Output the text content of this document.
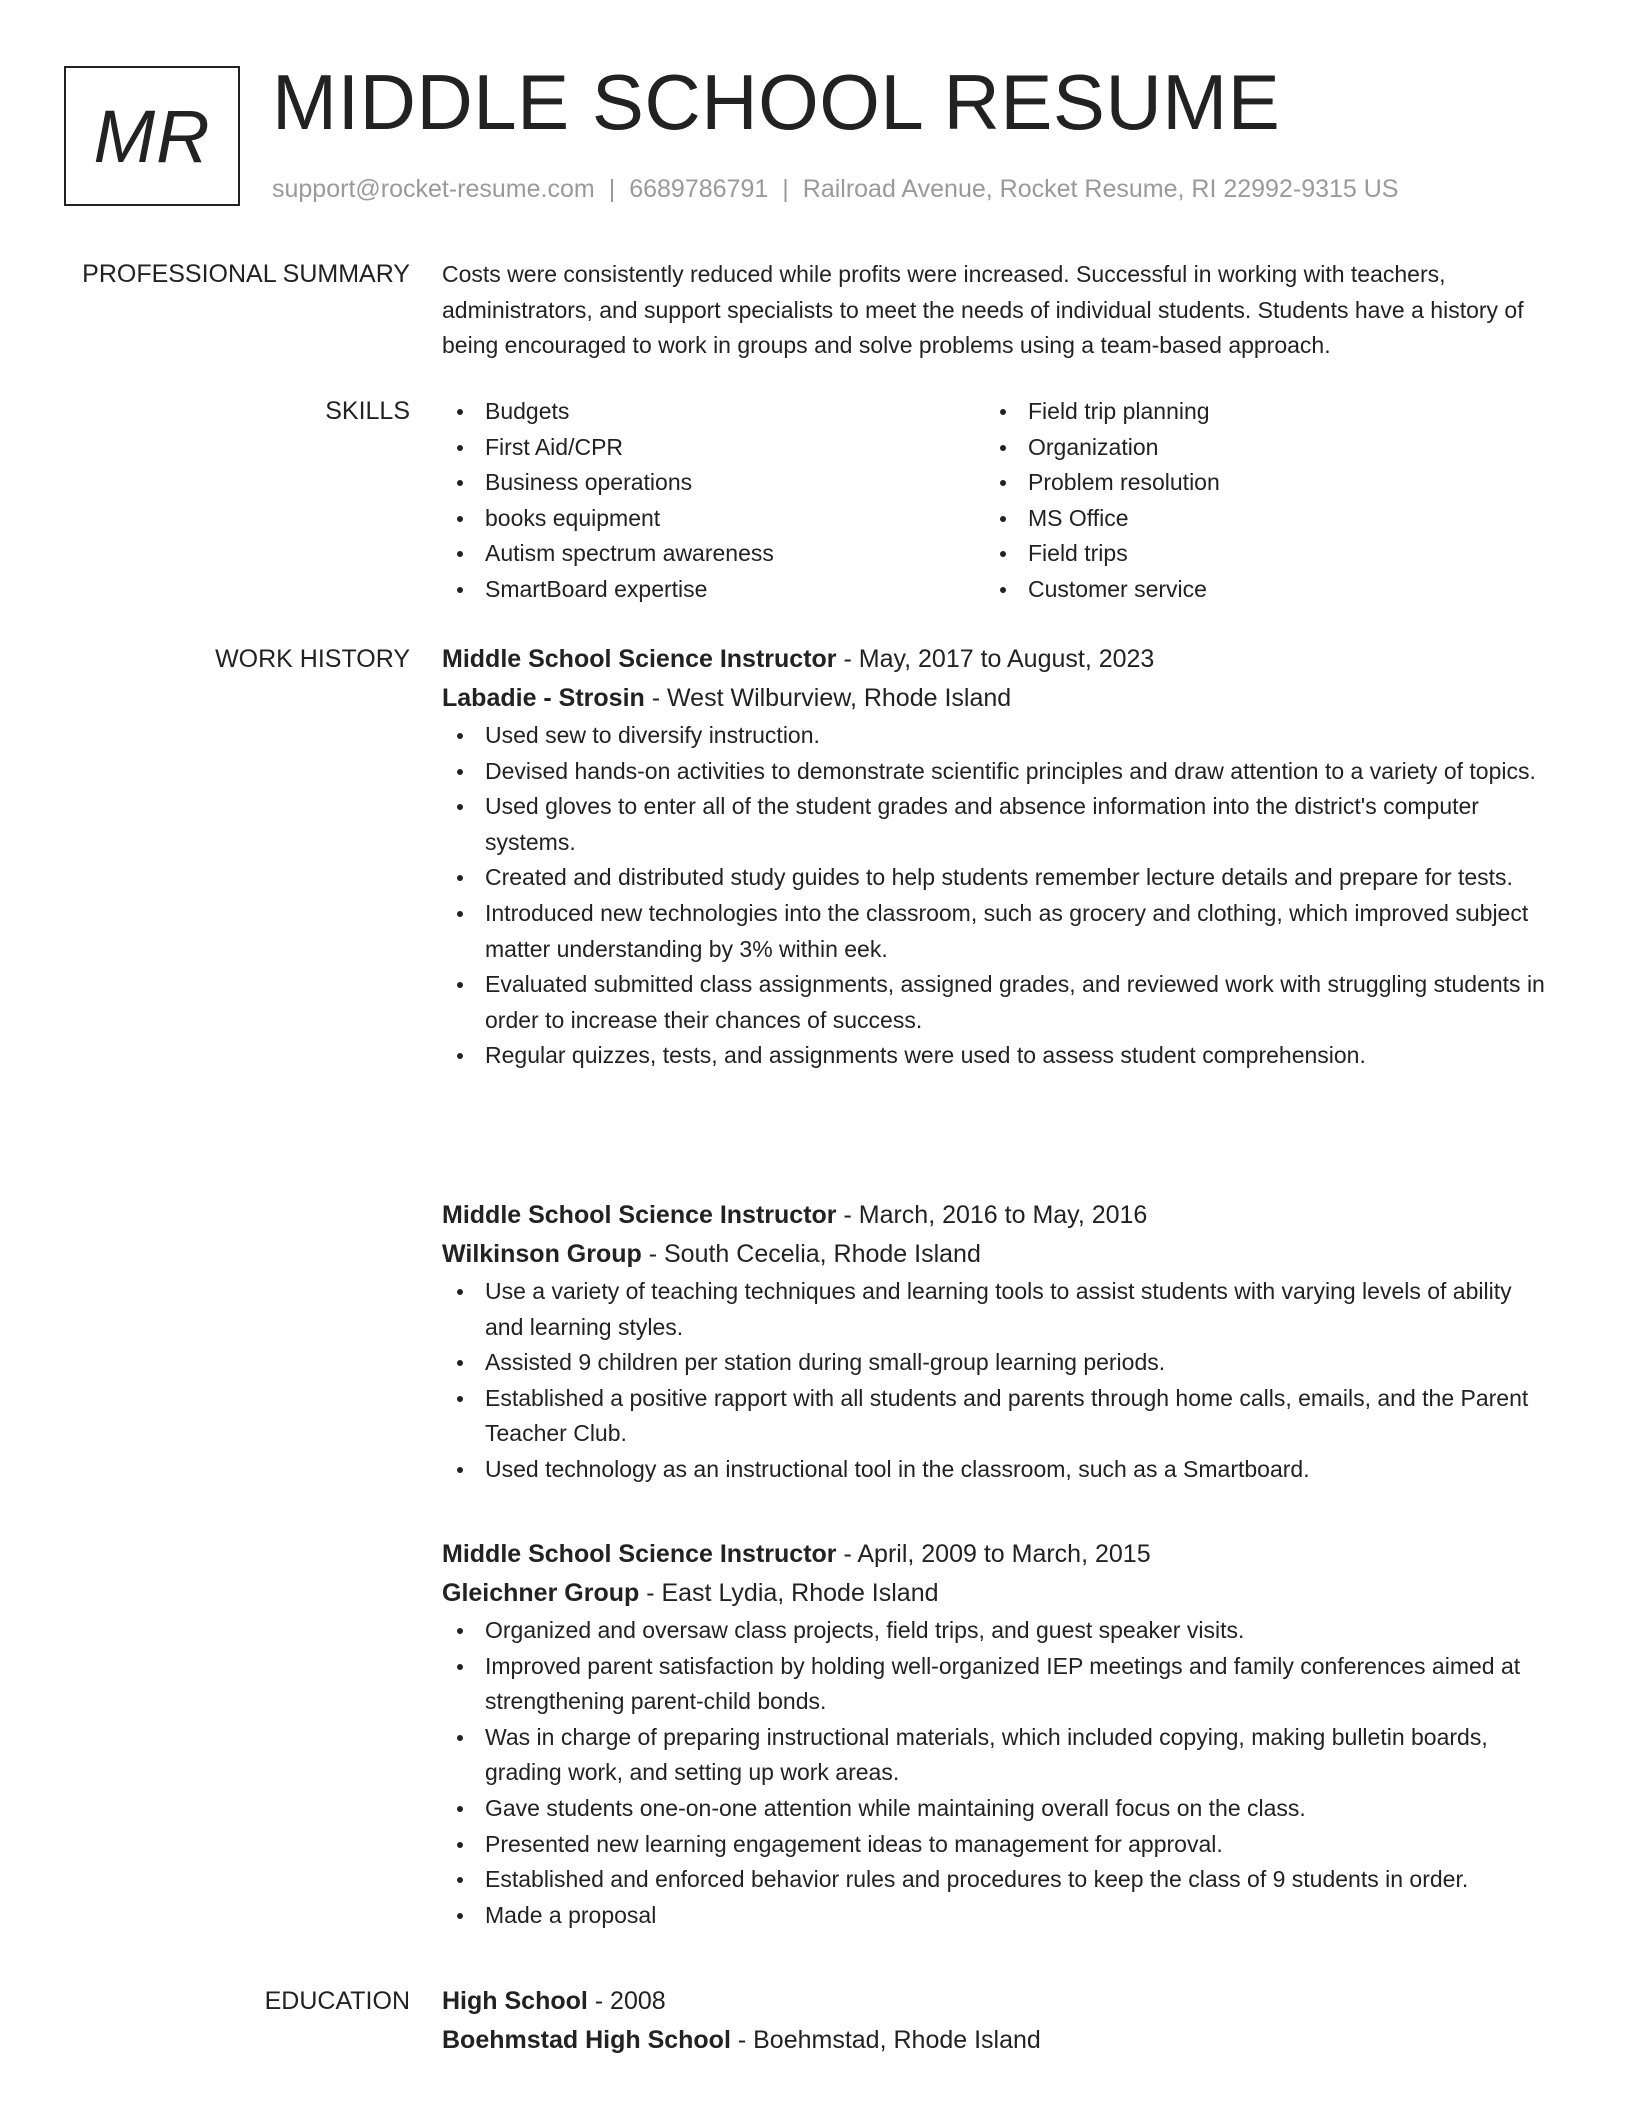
MR MIDDLE SCHOOL RESUME
support@rocket-resume.com | 6689786791 | Railroad Avenue, Rocket Resume, RI 22992-9315 US
PROFESSIONAL SUMMARY Costs were consistently reduced while profits were increased. Successful in working with teachers, administrators, and support specialists to meet the needs of individual students. Students have a history of being encouraged to work in groups and solve problems using a team-based approach.

SKILLS	Budgets
First Aid/CPR
Business operations
books equipment
Autism spectrum awareness
SmartBoard expertise
Field trip planning
Organization
Problem resolution
MS Office
Field trips
Customer service
WORK HISTORY Middle School Science Instructor - May, 2017 to August, 2023
Labadie - Strosin - West Wilburview, Rhode Island
Used sew to diversify instruction.
Devised hands-on activities to demonstrate scientific principles and draw attention to a variety of topics.
Used gloves to enter all of the student grades and absence information into the district's computer systems.
Created and distributed study guides to help students remember lecture details and prepare for tests.
Introduced new technologies into the classroom, such as grocery and clothing, which improved subject matter understanding by 3% within eek.
Evaluated submitted class assignments, assigned grades, and reviewed work with struggling students in order to increase their chances of success.
Regular quizzes, tests, and assignments were used to assess student comprehension.
Middle School Science Instructor - March, 2016 to May, 2016
Wilkinson Group - South Cecelia, Rhode Island
Use a variety of teaching techniques and learning tools to assist students with varying levels of ability and learning styles.
Assisted 9 children per station during small-group learning periods.
Established a positive rapport with all students and parents through home calls, emails, and the Parent Teacher Club.
Used technology as an instructional tool in the classroom, such as a Smartboard.
Middle School Science Instructor - April, 2009 to March, 2015
Gleichner Group - East Lydia, Rhode Island
Organized and oversaw class projects, field trips, and guest speaker visits.
Improved parent satisfaction by holding well-organized IEP meetings and family conferences aimed at strengthening parent-child bonds.
Was in charge of preparing instructional materials, which included copying, making bulletin boards, grading work, and setting up work areas.
Gave students one-on-one attention while maintaining overall focus on the class.
Presented new learning engagement ideas to management for approval.
Established and enforced behavior rules and procedures to keep the class of 9 students in order.
Made a proposal
EDUCATION High School - 2008
Boehmstad High School - Boehmstad, Rhode Island
